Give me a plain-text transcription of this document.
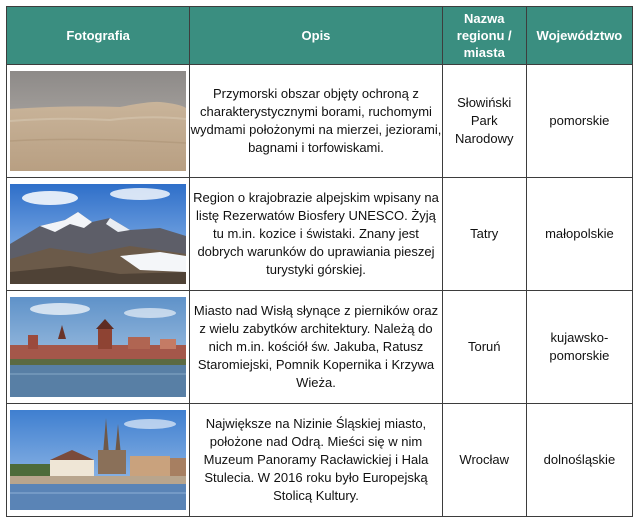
Fotografia	Opis	Nazwa regionu / miasta	Województwo

	Przymorski obszar objęty ochroną z charakterystycznymi borami, ruchomymi wydmami położonymi na mierzei, jeziorami, bagnami i torfowiskami.	Słowiński Park Narodowy	pomorskie

	Region o krajobrazie alpejskim wpisany na listę Rezerwatów Biosfery UNESCO. Żyją tu m.in. kozice i świstaki. Znany jest dobrych warunków do uprawiania pieszej turystyki górskiej.	Tatry	małopolskie

	Miasto nad Wisłą słynące z pierników oraz z wielu zabytków architektury. Należą do nich m.in. kościół św. Jakuba, Ratusz Staromiejski, Pomnik Kopernika i Krzywa Wieża.	Toruń	kujawsko-pomorskie

	Największe na Nizinie Śląskiej miasto, położone nad Odrą. Mieści się w nim Muzeum Panoramy Racławickiej i Hala Stulecia. W 2016 roku było Europejską Stolicą Kultury.	Wrocław	dolnośląskie
